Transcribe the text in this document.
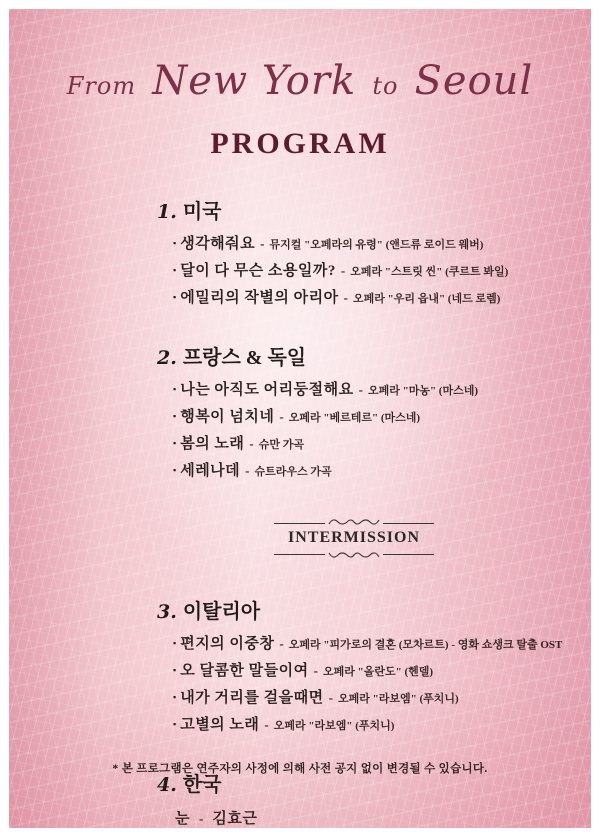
From New York to Seoul
PROGRAM
1. 미국
▪ 생각해줘요 - 뮤지컬 "오페라의 유령" (앤드류 로이드 웨버)
▪ 달이 다 무슨 소용일까? - 오페라 "스트릿 씬" (쿠르트 봐일)
▪ 에밀리의 작별의 아리아 - 오페라 "우리 읍내" (네드 로렘)
2. 프랑스 & 독일
▪ 나는 아직도 어리둥절해요 - 오페라 "마농" (마스네)
▪ 행복이 넘치네 - 오페라 "베르테르" (마스네)
▪ 봄의 노래 - 슈만 가곡
▪ 세레나데 - 슈트라우스 가곡
INTERMISSION
3. 이탈리아
▪ 편지의 이중창 - 오페라 "피가로의 결혼 (모차르트) - 영화 쇼생크 탈출 OST
▪ 오 달콤한 말들이여 - 오페라 "올란도" (헨델)
▪ 내가 거리를 걸을때면 - 오페라 "라보엠" (푸치니)
▪ 고별의 노래 - 오페라 "라보엠" (푸치니)
4. 한국
눈 - 김효근
* 본 프로그램은 연주자의 사정에 의해 사전 공지 없이 변경될 수 있습니다.
